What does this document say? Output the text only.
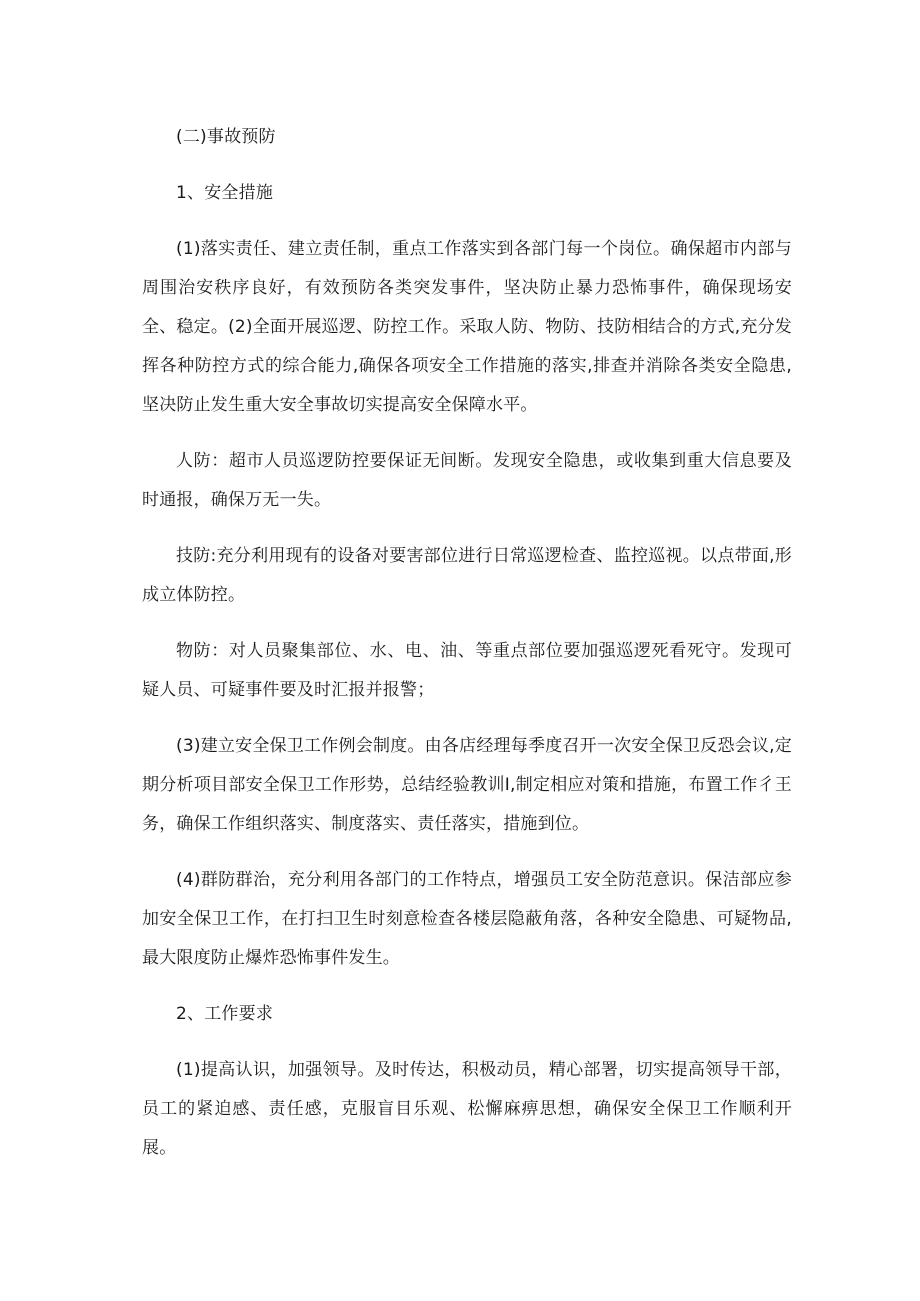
(二)事故预防

1、安全措施

(1)落实责任、建立责任制，重点工作落实到各部门每一个岗位。确保超市内部与周围治安秩序良好，有效预防各类突发事件，坚决防止暴力恐怖事件，确保现场安全、稳定。(2)全面开展巡逻、防控工作。采取人防、物防、技防相结合的方式,充分发挥各种防控方式的综合能力,确保各项安全工作措施的落实,排查并消除各类安全隐患,坚决防止发生重大安全事故切实提高安全保障水平。

人防：超市人员巡逻防控要保证无间断。发现安全隐患，或收集到重大信息要及时通报，确保万无一失。

技防:充分利用现有的设备对要害部位进行日常巡逻检查、监控巡视。以点带面,形成立体防控。

物防：对人员聚集部位、水、电、油、等重点部位要加强巡逻死看死守。发现可疑人员、可疑事件要及时汇报并报警；

(3)建立安全保卫工作例会制度。由各店经理每季度召开一次安全保卫反恐会议,定期分析项目部安全保卫工作形势，总结经验教训Ⅰ,制定相应对策和措施，布置工作彳王务，确保工作组织落实、制度落实、责任落实，措施到位。

(4)群防群治，充分利用各部门的工作特点，增强员工安全防范意识。保洁部应参加安全保卫工作，在打扫卫生时刻意检查各楼层隐蔽角落，各种安全隐患、可疑物品,最大限度防止爆炸恐怖事件发生。

2、工作要求

(1)提高认识，加强领导。及时传达，积极动员，精心部署，切实提高领导干部，员工的紧迫感、责任感，克服盲目乐观、松懈麻痹思想，确保安全保卫工作顺利开展。
